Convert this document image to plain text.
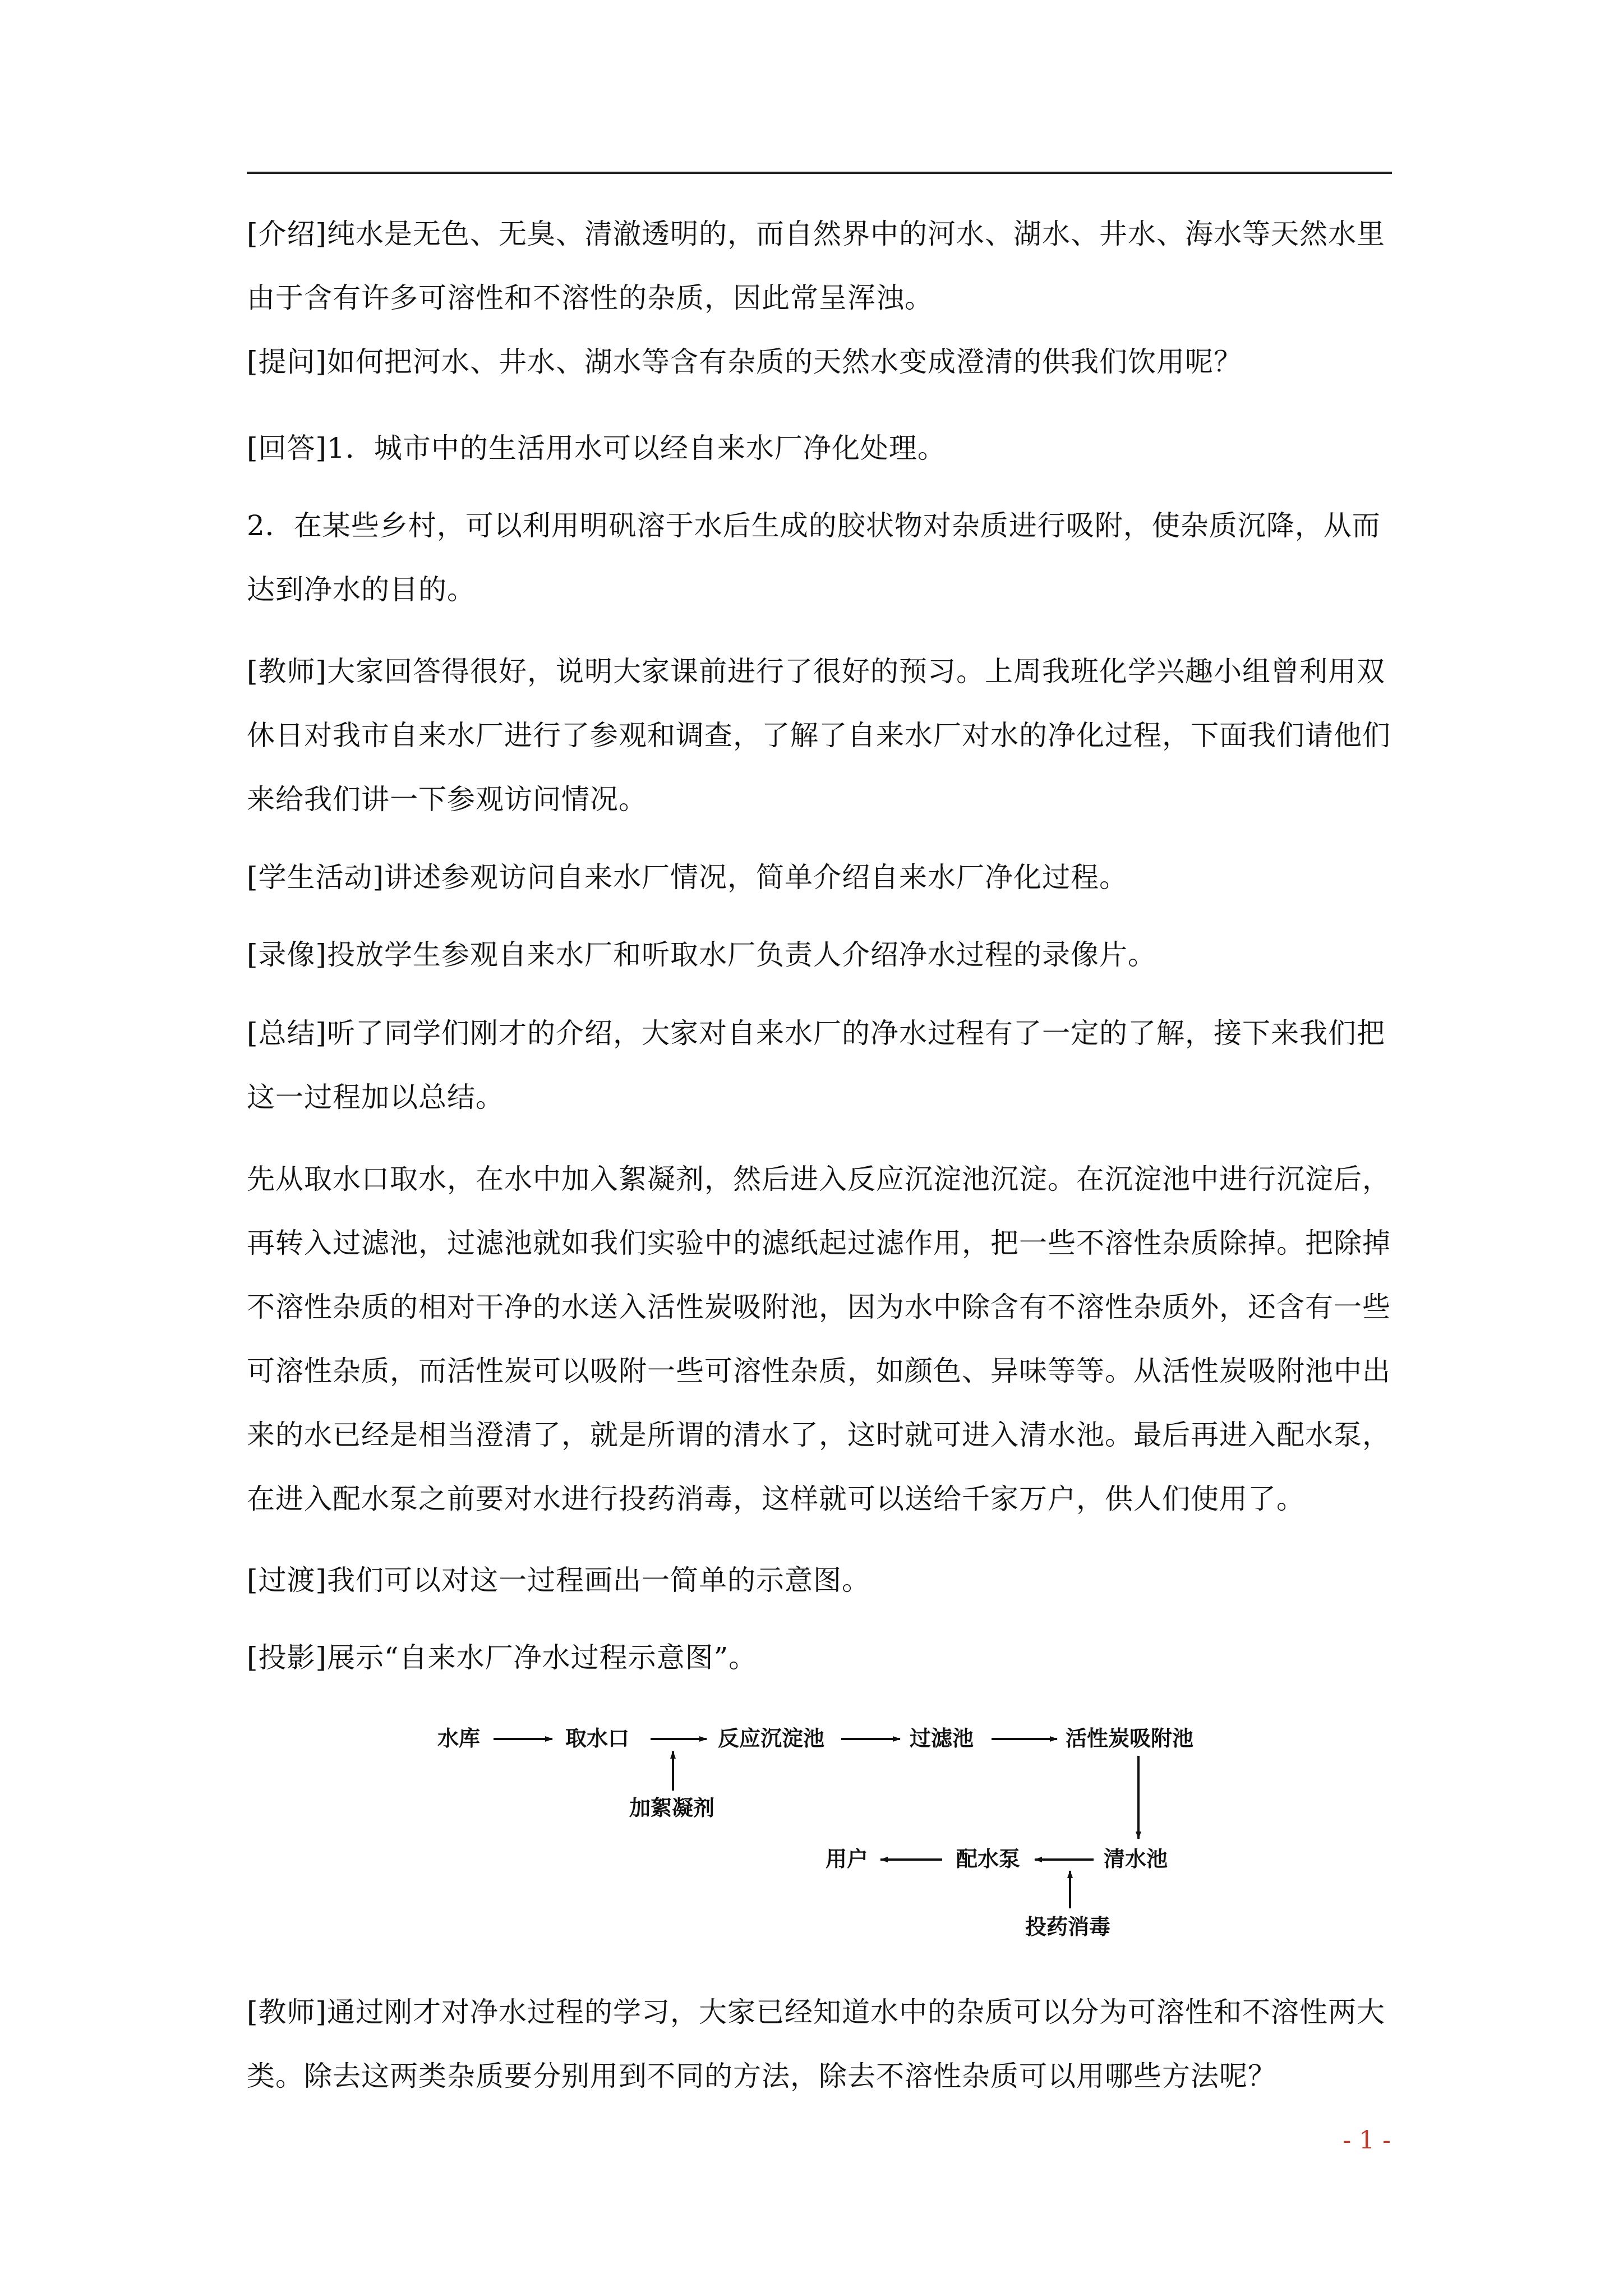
[介绍]纯水是无色、无臭、清澈透明的，而自然界中的河水、湖水、井水、海水等天然水里由于含有许多可溶性和不溶性的杂质，因此常呈浑浊。

[提问]如何把河水、井水、湖水等含有杂质的天然水变成澄清的供我们饮用呢？

[回答]1．城市中的生活用水可以经自来水厂净化处理。

2．在某些乡村，可以利用明矾溶于水后生成的胶状物对杂质进行吸附，使杂质沉降，从而达到净水的目的。

[教师]大家回答得很好，说明大家课前进行了很好的预习。上周我班化学兴趣小组曾利用双休日对我市自来水厂进行了参观和调查，了解了自来水厂对水的净化过程，下面我们请他们来给我们讲一下参观访问情况。

[学生活动]讲述参观访问自来水厂情况，简单介绍自来水厂净化过程。

[录像]投放学生参观自来水厂和听取水厂负责人介绍净水过程的录像片。

[总结]听了同学们刚才的介绍，大家对自来水厂的净水过程有了一定的了解，接下来我们把这一过程加以总结。

先从取水口取水，在水中加入絮凝剂，然后进入反应沉淀池沉淀。在沉淀池中进行沉淀后，再转入过滤池，过滤池就如我们实验中的滤纸起过滤作用，把一些不溶性杂质除掉。把除掉不溶性杂质的相对干净的水送入活性炭吸附池，因为水中除含有不溶性杂质外，还含有一些可溶性杂质，而活性炭可以吸附一些可溶性杂质，如颜色、异味等等。从活性炭吸附池中出来的水已经是相当澄清了，就是所谓的清水了，这时就可进入清水池。最后再进入配水泵，在进入配水泵之前要对水进行投药消毒，这样就可以送给千家万户，供人们使用了。

[过渡]我们可以对这一过程画出一简单的示意图。

[投影]展示“自来水厂净水过程示意图”。

水库	取水口	反应沉淀池	过滤池	活性炭吸附池
加絮凝剂
清水池
配水泵
用户
投药消毒

[教师]通过刚才对净水过程的学习，大家已经知道水中的杂质可以分为可溶性和不溶性两大类。除去这两类杂质要分别用到不同的方法，除去不溶性杂质可以用哪些方法呢？

- 1 -
